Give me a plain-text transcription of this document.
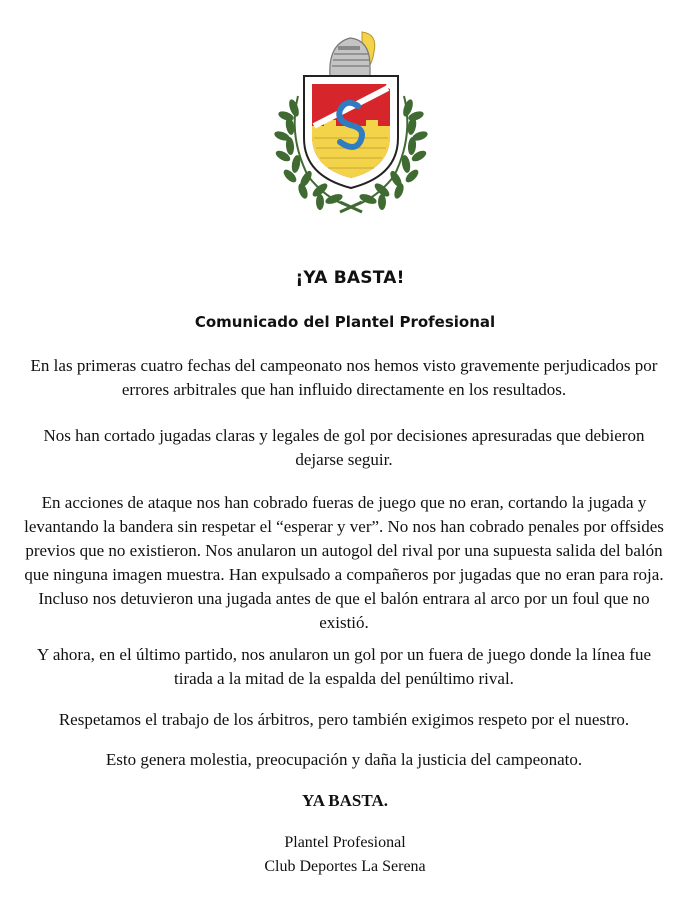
¡YA BASTA!
Comunicado del Plantel Profesional

En las primeras cuatro fechas del campeonato nos hemos visto gravemente perjudicados por errores arbitrales que han influido directamente en los resultados.

Nos han cortado jugadas claras y legales de gol por decisiones apresuradas que debieron dejarse seguir.

En acciones de ataque nos han cobrado fueras de juego que no eran, cortando la jugada y levantando la bandera sin respetar el “esperar y ver”. No nos han cobrado penales por offsides previos que no existieron. Nos anularon un autogol del rival por una supuesta salida del balón que ninguna imagen muestra. Han expulsado a compañeros por jugadas que no eran para roja. Incluso nos detuvieron una jugada antes de que el balón entrara al arco por un foul que no existió.

Y ahora, en el último partido, nos anularon un gol por un fuera de juego donde la línea fue tirada a la mitad de la espalda del penúltimo rival.

Respetamos el trabajo de los árbitros, pero también exigimos respeto por el nuestro.

Esto genera molestia, preocupación y daña la justicia del campeonato.

YA BASTA.
Plantel Profesional
Club Deportes La Serena
